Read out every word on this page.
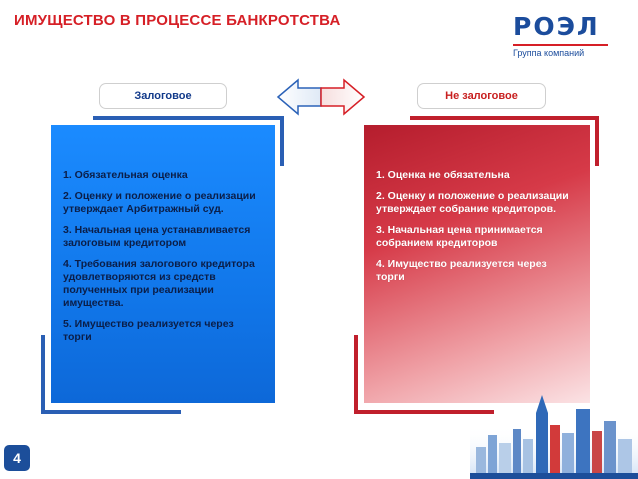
ИМУЩЕСТВО В ПРОЦЕССЕ БАНКРОТСТВА	РОЭЛ
Группа компаний
Залоговое	Не залоговое
1. Обязательная оценка
2. Оценку и положение о реализации утверждает Арбитражный суд.
3. Начальная цена устанавливается залоговым кредитором
4. Требования залогового кредитора удовлетворяются из средств полученных при реализации имущества.
5. Имущество реализуется через торги
1. Оценка не обязательна
2. Оценку и положение о реализации утверждает собрание кредиторов.
3. Начальная цена принимается собранием кредиторов
4. Имущество реализуется через торги
4
